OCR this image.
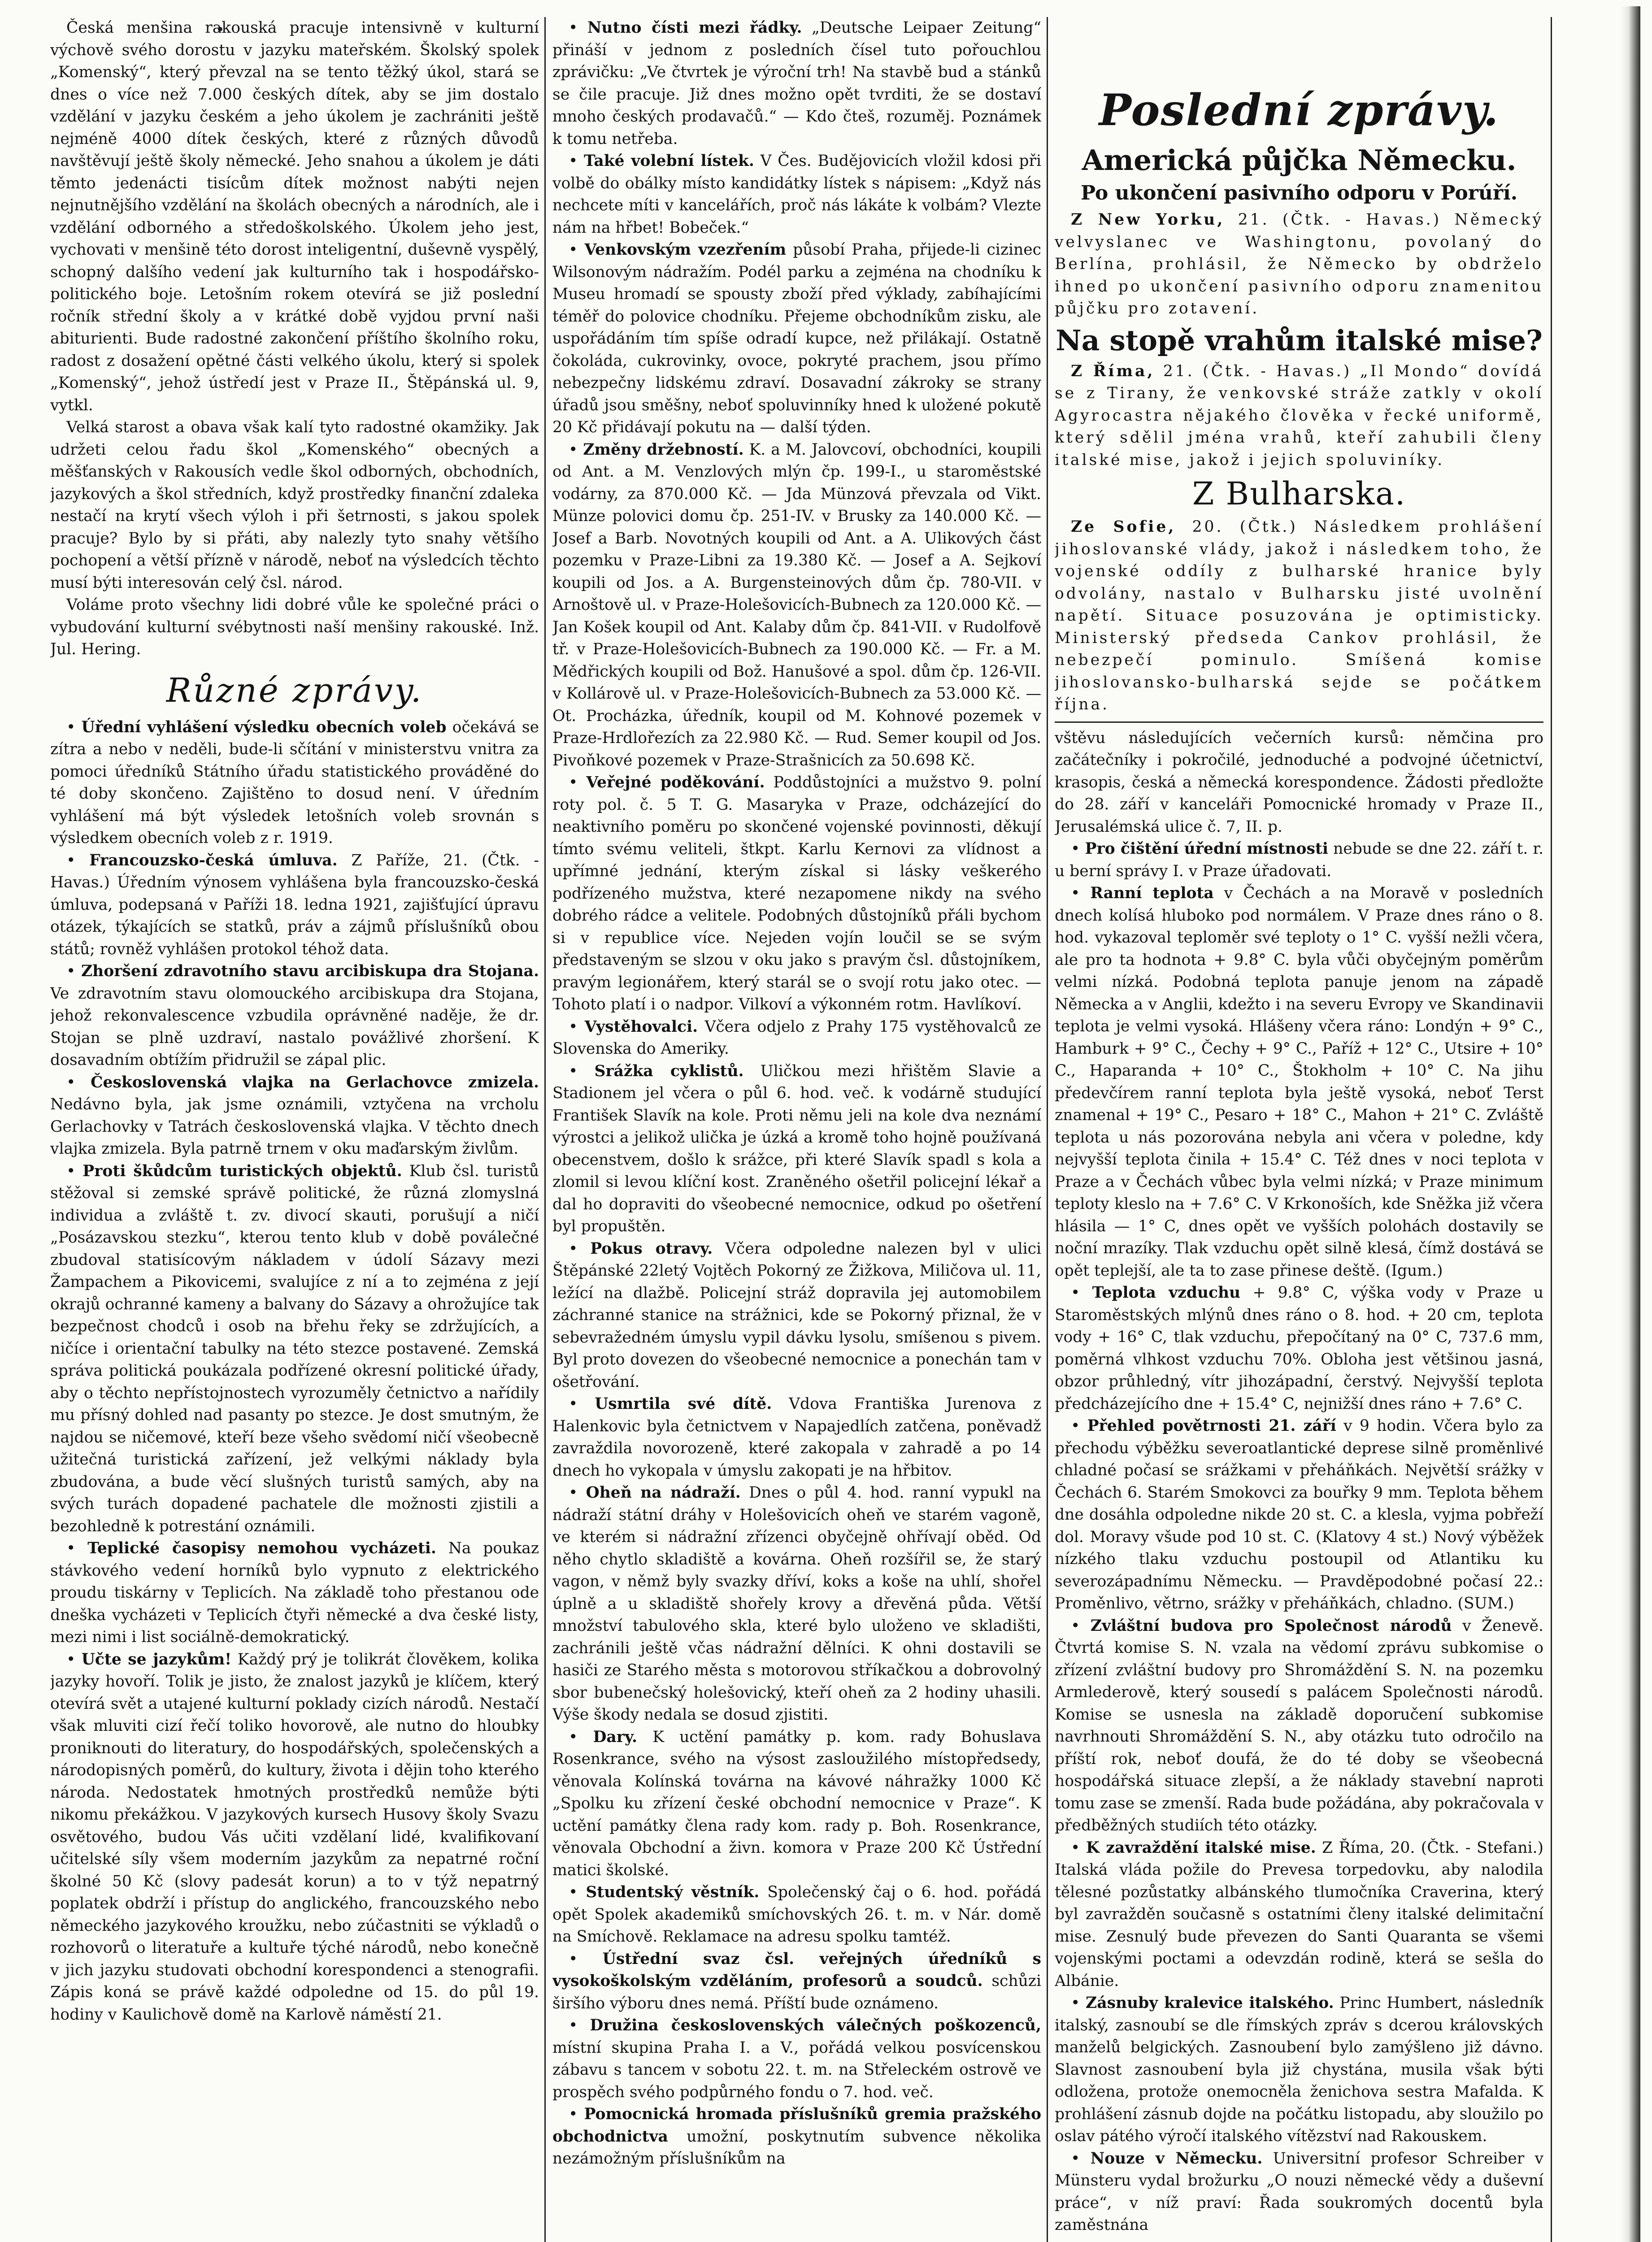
Česká menšina rakouská pracuje intensivně v kulturní výchově svého dorostu v jazyku mateřském. Školský spolek „Komenský“, který převzal na se tento těžký úkol, stará se dnes o více než 7.000 českých dítek, aby se jim dostalo vzdělání v jazyku českém a jeho úkolem je zachrániti ještě nejméně 4000 dítek českých, které z různých důvodů navštěvují ještě školy německé. Jeho snahou a úkolem je dáti těmto jedenácti tisícům dítek možnost nabýti nejen nejnutnějšího vzdělání na školách obecných a národních, ale i vzdělání odborného a středoškolského. Úkolem jeho jest, vychovati v menšině této dorost inteligentní, duševně vyspělý, schopný dalšího vedení jak kulturního tak i hospodářsko-politického boje. Letošním rokem otevírá se již poslední ročník střední školy a v krátké době vyjdou první naši abiturienti. Bude radostné zakončení příštího školního roku, radost z dosažení opětné části velkého úkolu, který si spolek „Komenský“, jehož ústředí jest v Praze II., Štěpánská ul. 9, vytkl.

Velká starost a obava však kalí tyto radostné okamžiky. Jak udržeti celou řadu škol „Komenského“ obecných a měšťanských v Rakousích vedle škol odborných, obchodních, jazykových a škol středních, když prostředky finanční zdaleka nestačí na krytí všech výloh i při šetrnosti, s jakou spolek pracuje? Bylo by si přáti, aby nalezly tyto snahy většího pochopení a větší přízně v národě, neboť na výsledcích těchto musí býti interesován celý čsl. národ.

Voláme proto všechny lidi dobré vůle ke společné práci o vybudování kulturní svébytnosti naší menšiny rakouské. Inž. Jul. Hering.

Různé zprávy.

• Úřední vyhlášení výsledku obecních voleb očekává se zítra a nebo v neděli, bude-li sčítání v ministerstvu vnitra za pomoci úředníků Státního úřadu statistického prováděné do té doby skončeno. Zajištěno to dosud není. V úředním vyhlášení má být výsledek letošních voleb srovnán s výsledkem obecních voleb z r. 1919.

• Francouzsko-česká úmluva. Z Paříže, 21. (Čtk. - Havas.) Úředním výnosem vyhlášena byla francouzsko-česká úmluva, podepsaná v Paříži 18. ledna 1921, zajišťující úpravu otázek, týkajících se statků, práv a zájmů příslušníků obou států; rovněž vyhlášen protokol téhož data.

• Zhoršení zdravotního stavu arcibiskupa dra Stojana. Ve zdravotním stavu olomouckého arcibiskupa dra Stojana, jehož rekonvalescence vzbudila oprávněné naděje, že dr. Stojan se plně uzdraví, nastalo povážlivé zhoršení. K dosavadním obtížím přidružil se zápal plic.

• Československá vlajka na Gerlachovce zmizela. Nedávno byla, jak jsme oznámili, vztyčena na vrcholu Gerlachovky v Tatrách československá vlajka. V těchto dnech vlajka zmizela. Byla patrně trnem v oku maďarským živlům.

• Proti škůdcům turistických objektů. Klub čsl. turistů stěžoval si zemské správě politické, že různá zlomyslná individua a zvláště t. zv. divocí skauti, porušují a ničí „Posázavskou stezku“, kterou tento klub v době poválečné zbudoval statisícovým nákladem v údolí Sázavy mezi Žampachem a Pikovicemi, svalujíce z ní a to zejména z její okrajů ochranné kameny a balvany do Sázavy a ohrožujíce tak bezpečnost chodců i osob na břehu řeky se zdržujících, a ničíce i orientační tabulky na této stezce postavené. Zemská správa politická poukázala podřízené okresní politické úřady, aby o těchto nepřístojnostech vyrozuměly četnictvo a nařídily mu přísný dohled nad pasanty po stezce. Je dost smutným, že najdou se ničemové, kteří beze všeho svědomí ničí všeobecně užitečná turistická zařízení, jež velkými náklady byla zbudována, a bude věcí slušných turistů samých, aby na svých turách dopadené pachatele dle možnosti zjistili a bezohledně k potrestání oznámili.

• Teplické časopisy nemohou vycházeti. Na poukaz stávkového vedení horníků bylo vypnuto z elektrického proudu tiskárny v Teplicích. Na základě toho přestanou ode dneška vycházeti v Teplicích čtyři německé a dva české listy, mezi nimi i list sociálně-demokratický.

• Učte se jazykům! Každý prý je tolikrát člověkem, kolika jazyky hovoří. Tolik je jisto, že znalost jazyků je klíčem, který otevírá svět a utajené kulturní poklady cizích národů. Nestačí však mluviti cizí řečí toliko hovorově, ale nutno do hloubky proniknouti do literatury, do hospodářských, společenských a národopisných poměrů, do kultury, života i dějin toho kterého národa. Nedostatek hmotných prostředků nemůže býti nikomu překážkou. V jazykových kursech Husovy školy Svazu osvětového, budou Vás učiti vzdělaní lidé, kvalifikovaní učitelské síly všem moderním jazykům za nepatrné roční školné 50 Kč (slovy padesát korun) a to v týž nepatrný poplatek obdrží i přístup do anglického, francouzského nebo německého jazykového kroužku, nebo zúčastniti se výkladů o rozhovorů o literatuře a kultuře týché národů, nebo konečně v jich jazyku studovati obchodní korespondenci a stenografii. Zápis koná se právě každé odpoledne od 15. do půl 19. hodiny v Kaulichově domě na Karlově náměstí 21.

• Nutno čísti mezi řádky. „Deutsche Leipaer Zeitung“ přináší v jednom z posledních čísel tuto pořouchlou zprávičku: „Ve čtvrtek je výroční trh! Na stavbě bud a stánků se čile pracuje. Již dnes možno opět tvrditi, že se dostaví mnoho českých prodavačů.“ — Kdo čteš, rozuměj. Poznámek k tomu netřeba.

• Také volební lístek. V Čes. Budějovicích vložil kdosi při volbě do obálky místo kandidátky lístek s nápisem: „Když nás nechcete míti v kancelářích, proč nás lákáte k volbám? Vlezte nám na hřbet! Bobeček.“

• Venkovským vzezřením působí Praha, přijede-li cizinec Wilsonovým nádražím. Podél parku a zejména na chodníku k Museu hromadí se spousty zboží před výklady, zabíhajícími téměř do polovice chodníku. Přejeme obchodníkům zisku, ale uspořádáním tím spíše odradí kupce, než přilákají. Ostatně čokoláda, cukrovinky, ovoce, pokryté prachem, jsou přímo nebezpečny lidskému zdraví. Dosavadní zákroky se strany úřadů jsou směšny, neboť spoluvinníky hned k uložené pokutě 20 Kč přidávají pokutu na — další týden.

• Změny držebností. K. a M. Jalovcoví, obchodníci, koupili od Ant. a M. Venzlových mlýn čp. 199-I., u staroměstské vodárny, za 870.000 Kč. — Jda Münzová převzala od Vikt. Münze polovici domu čp. 251-IV. v Brusky za 140.000 Kč. — Josef a Barb. Novotných koupili od Ant. a A. Ulikových část pozemku v Praze-Libni za 19.380 Kč. — Josef a A. Sejkoví koupili od Jos. a A. Burgensteinových dům čp. 780-VII. v Arnoštově ul. v Praze-Holešovicích-Bubnech za 120.000 Kč. — Jan Košek koupil od Ant. Kalaby dům čp. 841-VII. v Rudolfově tř. v Praze-Holešovicích-Bubnech za 190.000 Kč. — Fr. a M. Mědřických koupili od Bož. Hanušové a spol. dům čp. 126-VII. v Kollárově ul. v Praze-Holešovicích-Bubnech za 53.000 Kč. — Ot. Procházka, úředník, koupil od M. Kohnové pozemek v Praze-Hrdlořezích za 22.980 Kč. — Rud. Semer koupil od Jos. Pivoňkové pozemek v Praze-Strašnicích za 50.698 Kč.

• Veřejné poděkování. Poddůstojníci a mužstvo 9. polní roty pol. č. 5 T. G. Masaryka v Praze, odcházející do neaktivního poměru po skončené vojenské povinnosti, děkují tímto svému veliteli, štkpt. Karlu Kernovi za vlídnost a upřímné jednání, kterým získal si lásky veškerého podřízeného mužstva, které nezapomene nikdy na svého dobrého rádce a velitele. Podobných důstojníků přáli bychom si v republice více. Nejeden vojín loučil se se svým představeným se slzou v oku jako s pravým čsl. důstojníkem, pravým legionářem, který starál se o svojí rotu jako otec. — Tohoto platí i o nadpor. Vilkoví a výkonném rotm. Havlíkoví.

• Vystěhovalci. Včera odjelo z Prahy 175 vystěhovalců ze Slovenska do Ameriky.

• Srážka cyklistů. Uličkou mezi hřištěm Slavie a Stadionem jel včera o půl 6. hod. več. k vodárně studující František Slavík na kole. Proti němu jeli na kole dva neznámí výrostci a jelikož ulička je úzká a kromě toho hojně používaná obecenstvem, došlo k srážce, při které Slavík spadl s kola a zlomil si levou klíční kost. Zraněného ošetřil policejní lékař a dal ho dopraviti do všeobecné nemocnice, odkud po ošetření byl propuštěn.

• Pokus otravy. Včera odpoledne nalezen byl v ulici Štěpánské 22letý Vojtěch Pokorný ze Žižkova, Miličova ul. 11, ležící na dlažbě. Policejní stráž dopravila jej automobilem záchranné stanice na strážnici, kde se Pokorný přiznal, že v sebevražedném úmyslu vypil dávku lysolu, smíšenou s pivem. Byl proto dovezen do všeobecné nemocnice a ponechán tam v ošetřování.

• Usmrtila své dítě. Vdova Františka Jurenova z Halenkovic byla četnictvem v Napajedlích zatčena, poněvadž zavraždila novorozeně, které zakopala v zahradě a po 14 dnech ho vykopala v úmyslu zakopati je na hřbitov.

• Oheň na nádraží. Dnes o půl 4. hod. ranní vypukl na nádraží státní dráhy v Holešovicích oheň ve starém vagoně, ve kterém si nádražní zřízenci obyčejně ohřívají oběd. Od něho chytlo skladiště a kovárna. Oheň rozšířil se, že starý vagon, v němž byly svazky dříví, koks a koše na uhlí, shořel úplně a u skladiště shořely krovy a dřevěná půda. Větší množství tabulového skla, které bylo uloženo ve skladišti, zachránili ještě včas nádražní dělníci. K ohni dostavili se hasiči ze Starého města s motorovou stříkačkou a dobrovolný sbor bubenečský holešovický, kteří oheň za 2 hodiny uhasili. Výše škody nedala se dosud zjistiti.

• Dary. K uctění památky p. kom. rady Bohuslava Rosenkrance, svého na výsost zasloužilého místopředsedy, věnovala Kolínská továrna na kávové náhražky 1000 Kč „Spolku ku zřízení české obchodní nemocnice v Praze“. K uctění památky člena rady kom. rady p. Boh. Rosenkrance, věnovala Obchodní a živn. komora v Praze 200 Kč Ústřední matici školské.

• Studentský věstník. Společenský čaj o 6. hod. pořádá opět Spolek akademiků smíchovských 26. t. m. v Nár. domě na Smíchově. Reklamace na adresu spolku tamtéž.

• Ústřední svaz čsl. veřejných úředníků s vysokoškolským vzděláním, profesorů a soudců. schůzi širšího výboru dnes nemá. Příští bude oznámeno.

• Družina československých válečných poškozenců, místní skupina Praha I. a V., pořádá velkou posvícenskou zábavu s tancem v sobotu 22. t. m. na Střeleckém ostrově ve prospěch svého podpůrného fondu o 7. hod. več.

• Pomocnická hromada příslušníků gremia pražského obchodnictva umožní, poskytnutím subvence několika nezámožným příslušníkům na

Poslední zprávy.
Americká půjčka Německu.
Po ukončení pasivního odporu v Porúří.

Z New Yorku, 21. (Čtk. - Havas.) Německý velvyslanec ve Washingtonu, povolaný do Berlína, prohlásil, že Německo by obdrželo ihned po ukončení pasivního odporu znamenitou půjčku pro zotavení.

Na stopě vrahům italské mise?

Z Říma, 21. (Čtk. - Havas.) „Il Mondo“ dovídá se z Tirany, že venkovské stráže zatkly v okolí Agyrocastra nějakého člověka v řecké uniformě, který sdělil jména vrahů, kteří zahubili členy italské mise, jakož i jejich spoluviníky.

Z Bulharska.

Ze Sofie, 20. (Čtk.) Následkem prohlášení jihoslovanské vlády, jakož i následkem toho, že vojenské oddíly z bulharské hranice byly odvolány, nastalo v Bulharsku jisté uvolnění napětí. Situace posuzována je optimisticky. Ministerský předseda Cankov prohlásil, že nebezpečí pominulo. Smíšená komise jihoslovansko-bulharská sejde se počátkem října.

vštěvu následujících večerních kursů: němčina pro začátečníky i pokročilé, jednoduché a podvojné účetnictví, krasopis, česká a německá korespondence. Žádosti předložte do 28. září v kanceláři Pomocnické hromady v Praze II., Jerusalémská ulice č. 7, II. p.

• Pro čištění úřední místnosti nebude se dne 22. září t. r. u berní správy I. v Praze úřadovati.

• Ranní teplota v Čechách a na Moravě v posledních dnech kolísá hluboko pod normálem. V Praze dnes ráno o 8. hod. vykazoval teploměr své teploty o 1° C. vyšší nežli včera, ale pro ta hodnota + 9.8° C. byla vůči obyčejným poměrům velmi nízká. Podobná teplota panuje jenom na západě Německa a v Anglii, kdežto i na severu Evropy ve Skandinavii teplota je velmi vysoká. Hlášeny včera ráno: Londýn + 9° C., Hamburk + 9° C., Čechy + 9° C., Paříž + 12° C., Utsire + 10° C., Haparanda + 10° C., Štokholm + 10° C. Na jihu předevčírem ranní teplota byla ještě vysoká, neboť Terst znamenal + 19° C., Pesaro + 18° C., Mahon + 21° C. Zvláště teplota u nás pozorována nebyla ani včera v poledne, kdy nejvyšší teplota činila + 15.4° C. Též dnes v noci teplota v Praze a v Čechách vůbec byla velmi nízká; v Praze minimum teploty kleslo na + 7.6° C. V Krkonoších, kde Sněžka již včera hlásila — 1° C, dnes opět ve vyšších polohách dostavily se noční mrazíky. Tlak vzduchu opět silně klesá, čímž dostává se opět teplejší, ale ta to zase přinese deště. (Igum.)

• Teplota vzduchu + 9.8° C, výška vody v Praze u Staroměstských mlýnů dnes ráno o 8. hod. + 20 cm, teplota vody + 16° C, tlak vzduchu, přepočítaný na 0° C, 737.6 mm, poměrná vlhkost vzduchu 70%. Obloha jest většinou jasná, obzor průhledný, vítr jihozápadní, čerstvý. Nejvyšší teplota předcházejícího dne + 15.4° C, nejnižší dnes ráno + 7.6° C.

• Přehled povětrnosti 21. září v 9 hodin. Včera bylo za přechodu výběžku severoatlantické deprese silně proměnlivé chladné počasí se srážkami v přeháňkách. Největší srážky v Čechách 6. Starém Smokovci za bouřky 9 mm. Teplota během dne dosáhla odpoledne nikde 20 st. C. a klesla, vyjma pobřeží dol. Moravy všude pod 10 st. C. (Klatovy 4 st.) Nový výběžek nízkého tlaku vzduchu postoupil od Atlantiku ku severozápadnímu Německu. — Pravděpodobné počasí 22.: Proměnlivo, větrno, srážky v přeháňkách, chladno. (SUM.)

• Zvláštní budova pro Společnost národů v Ženevě. Čtvrtá komise S. N. vzala na vědomí zprávu subkomise o zřízení zvláštní budovy pro Shromáždění S. N. na pozemku Armlederově, který sousedí s palácem Společnosti národů. Komise se usnesla na základě doporučení subkomise navrhnouti Shromáždění S. N., aby otázku tuto odročilo na příští rok, neboť doufá, že do té doby se všeobecná hospodářská situace zlepší, a že náklady stavební naproti tomu zase se zmenší. Rada bude požádána, aby pokračovala v předběžných studiích této otázky.

• K zavraždění italské mise. Z Říma, 20. (Čtk. - Stefani.) Italská vláda požile do Prevesa torpedovku, aby nalodila tělesné pozůstatky albánského tlumočníka Craverina, který byl zavražděn současně s ostatními členy italské delimitační mise. Zesnulý bude převezen do Santi Quaranta se všemi vojenskými poctami a odevzdán rodině, která se sešla do Albánie.

• Zásnuby kralevice italského. Princ Humbert, následník italský, zasnoubí se dle římských zpráv s dcerou královských manželů belgických. Zasnoubení bylo zamýšleno již dávno. Slavnost zasnoubení byla již chystána, musila však býti odložena, protože onemocněla ženichova sestra Mafalda. K prohlášení zásnub dojde na počátku listopadu, aby sloužilo po oslav pátého výročí italského vítězství nad Rakouskem.

• Nouze v Německu. Universitní profesor Schreiber v Münsteru vydal brožurku „O nouzi německé vědy a duševní práce“, v níž praví: Řada soukromých docentů byla zaměstnána
